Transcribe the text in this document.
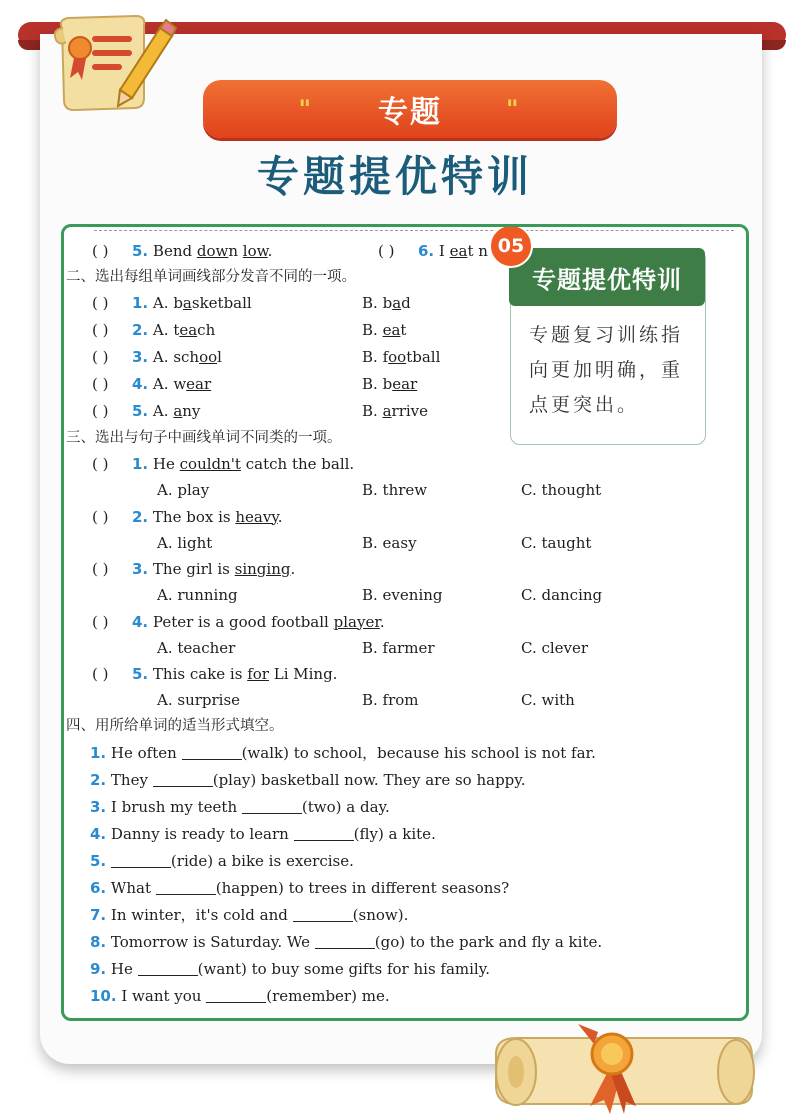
" 专题	"
专题提优特训
( ) 5. Bend down low.	( ) 6. I eat n
二、选出每组单词画线部分发音不同的一项。
( ) 1. A. basketball	B. bad
( ) 2. A. teach	B. eat
( ) 3. A. school	B. football
( ) 4. A. wear	B. bear
( ) 5. A. any	B. arrive
三、选出与句子中画线单词不同类的一项。
( ) 1. He couldn't catch the ball.
A. play	B. threw	C. thought
( ) 2. The box is heavy.
A. light	B. easy	C. taught
( ) 3. The girl is singing.
A. running	B. evening	C. dancing
( ) 4. Peter is a good football player.
A. teacher	B. farmer	C. clever
( ) 5. This cake is for Li Ming.
A. surprise	B. from	C. with
四、用所给单词的适当形式填空。
1. He often	(walk) to school，because his school is not far.
2. They	(play) basketball now. They are so happy.
3. I brush my teeth	(two) a day.
4. Danny is ready to learn	(fly) a kite.
5.	(ride) a bike is exercise.
6. What	(happen) to trees in different seasons?
7. In winter，it's cold and	(snow).
8. Tomorrow is Saturday. We	(go) to the park and fly a kite.
9. He	(want) to buy some gifts for his family.
10. I want you	(remember) me.
专题提优特训
05
专题复习训练指向更加明确，重点更突出。
